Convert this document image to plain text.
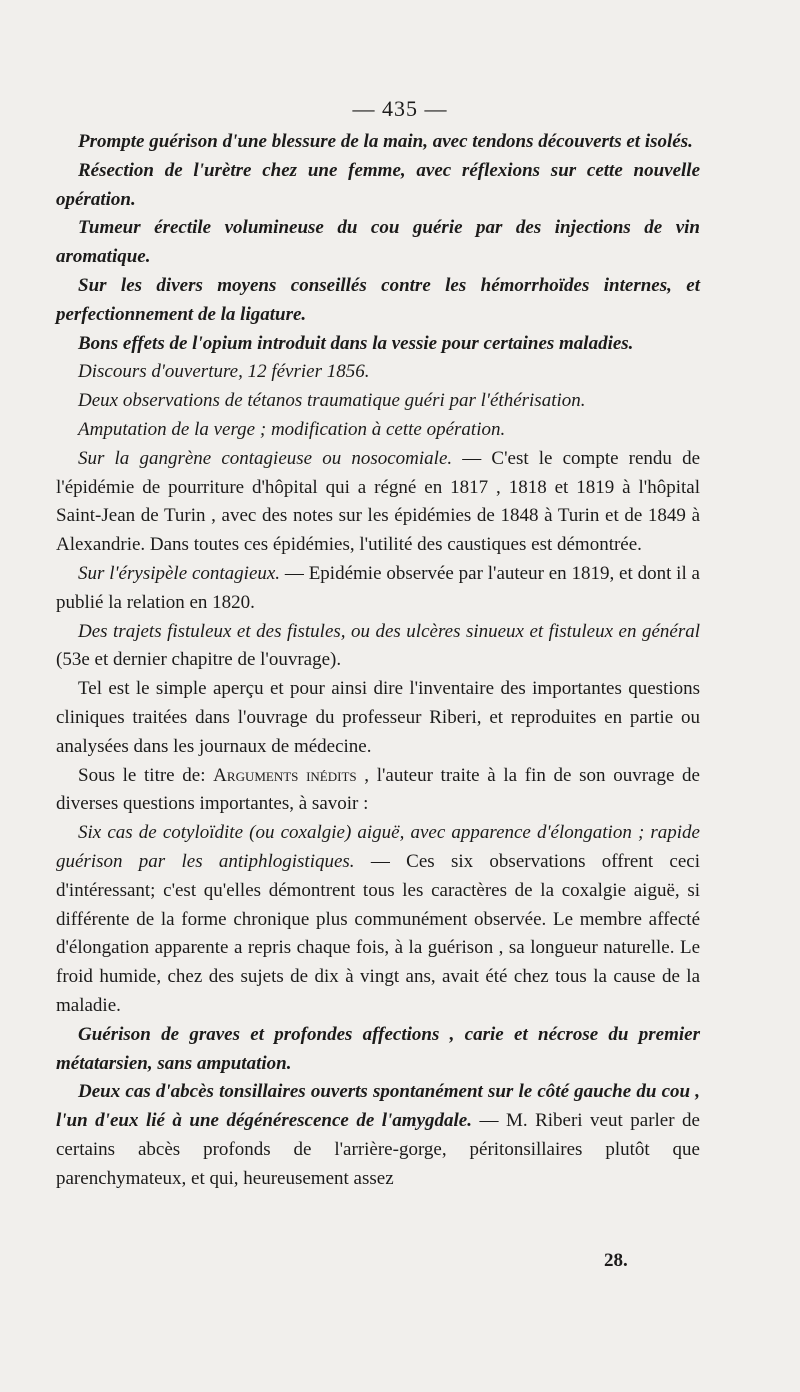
— 435 —

Prompte guérison d'une blessure de la main, avec tendons découverts et isolés.

Résection de l'urètre chez une femme, avec réflexions sur cette nouvelle opération.

Tumeur érectile volumineuse du cou guérie par des injections de vin aromatique.

Sur les divers moyens conseillés contre les hémorrhoïdes internes, et perfectionnement de la ligature.

Bons effets de l'opium introduit dans la vessie pour certaines maladies.

Discours d'ouverture, 12 février 1856.

Deux observations de tétanos traumatique guéri par l'éthérisation.

Amputation de la verge ; modification à cette opération.

Sur la gangrène contagieuse ou nosocomiale. — C'est le compte rendu de l'épidémie de pourriture d'hôpital qui a régné en 1817 , 1818 et 1819 à l'hôpital Saint-Jean de Turin , avec des notes sur les épidémies de 1848 à Turin et de 1849 à Alexandrie. Dans toutes ces épidémies, l'utilité des caustiques est démontrée.

Sur l'érysipèle contagieux. — Epidémie observée par l'auteur en 1819, et dont il a publié la relation en 1820.

Des trajets fistuleux et des fistules, ou des ulcères sinueux et fistuleux en général (53e et dernier chapitre de l'ouvrage).

Tel est le simple aperçu et pour ainsi dire l'inventaire des importantes questions cliniques traitées dans l'ouvrage du professeur Riberi, et reproduites en partie ou analysées dans les journaux de médecine.

Sous le titre de: Arguments inédits , l'auteur traite à la fin de son ouvrage de diverses questions importantes, à savoir :

Six cas de cotyloïdite (ou coxalgie) aiguë, avec apparence d'élongation ; rapide guérison par les antiphlogistiques. — Ces six observations offrent ceci d'intéressant; c'est qu'elles démontrent tous les caractères de la coxalgie aiguë, si différente de la forme chronique plus communément observée. Le membre affecté d'élongation apparente a repris chaque fois, à la guérison , sa longueur naturelle. Le froid humide, chez des sujets de dix à vingt ans, avait été chez tous la cause de la maladie.

Guérison de graves et profondes affections , carie et nécrose du premier métatarsien, sans amputation.

Deux cas d'abcès tonsillaires ouverts spontanément sur le côté gauche du cou , l'un d'eux lié à une dégénérescence de l'amygdale. — M. Riberi veut parler de certains abcès profonds de l'arrière-gorge, péritonsillaires plutôt que parenchymateux, et qui, heureusement assez

28.
